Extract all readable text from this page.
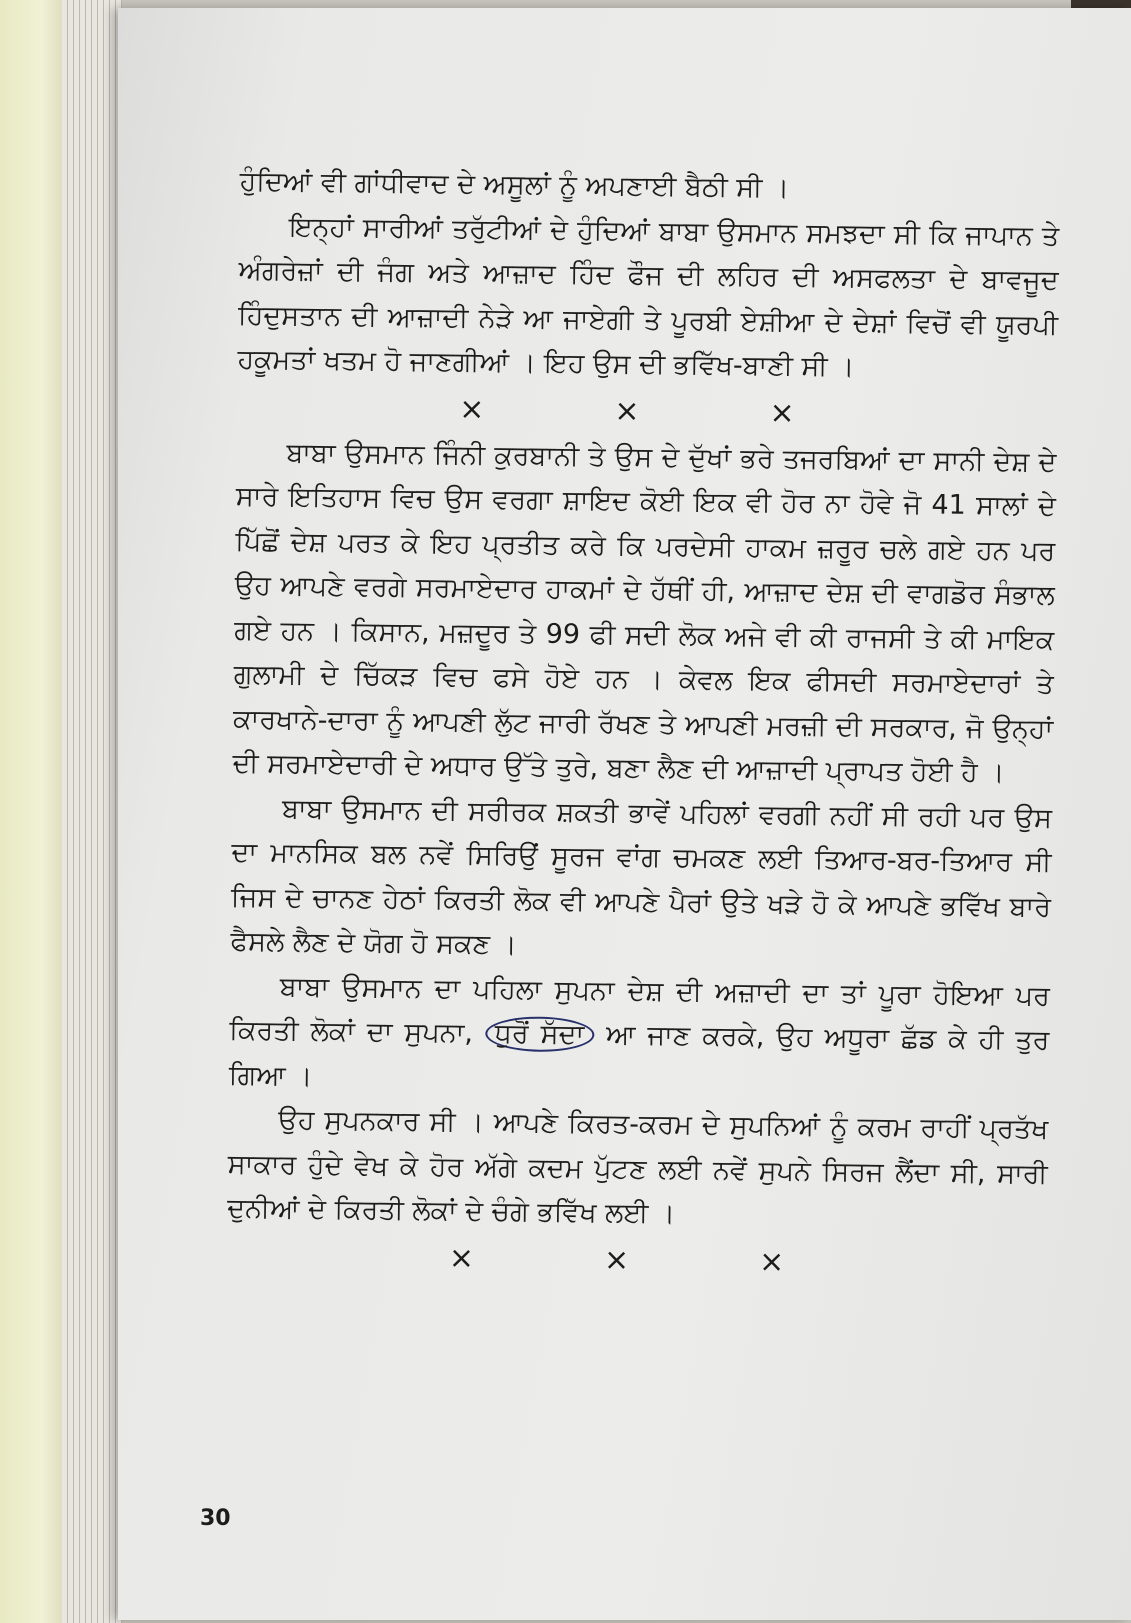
ਹੁੰਦਿਆਂ ਵੀ ਗਾਂਧੀਵਾਦ ਦੇ ਅਸੂਲਾਂ ਨੂੰ ਅਪਣਾਈ ਬੈਠੀ ਸੀ ।

ਇਨ੍ਹਾਂ ਸਾਰੀਆਂ ਤਰੁੱਟੀਆਂ ਦੇ ਹੁੰਦਿਆਂ ਬਾਬਾ ਉਸਮਾਨ ਸਮਝਦਾ ਸੀ ਕਿ ਜਾਪਾਨ ਤੇ ਅੰਗਰੇਜ਼ਾਂ ਦੀ ਜੰਗ ਅਤੇ ਆਜ਼ਾਦ ਹਿੰਦ ਫੌਜ ਦੀ ਲਹਿਰ ਦੀ ਅਸਫਲਤਾ ਦੇ ਬਾਵਜੂਦ ਹਿੰਦੁਸਤਾਨ ਦੀ ਆਜ਼ਾਦੀ ਨੇੜੇ ਆ ਜਾਏਗੀ ਤੇ ਪੂਰਬੀ ਏਸ਼ੀਆ ਦੇ ਦੇਸ਼ਾਂ ਵਿਚੋਂ ਵੀ ਯੂਰਪੀ ਹਕੂਮਤਾਂ ਖਤਮ ਹੋ ਜਾਣਗੀਆਂ । ਇਹ ਉਸ ਦੀ ਭਵਿੱਖ-ਬਾਣੀ ਸੀ ।

×	×	×

ਬਾਬਾ ਉਸਮਾਨ ਜਿੰਨੀ ਕੁਰਬਾਨੀ ਤੇ ਉਸ ਦੇ ਦੁੱਖਾਂ ਭਰੇ ਤਜਰਬਿਆਂ ਦਾ ਸਾਨੀ ਦੇਸ਼ ਦੇ ਸਾਰੇ ਇਤਿਹਾਸ ਵਿਚ ਉਸ ਵਰਗਾ ਸ਼ਾਇਦ ਕੋਈ ਇਕ ਵੀ ਹੋਰ ਨਾ ਹੋਵੇ ਜੋ 41 ਸਾਲਾਂ ਦੇ ਪਿੱਛੋਂ ਦੇਸ਼ ਪਰਤ ਕੇ ਇਹ ਪ੍ਰਤੀਤ ਕਰੇ ਕਿ ਪਰਦੇਸੀ ਹਾਕਮ ਜ਼ਰੂਰ ਚਲੇ ਗਏ ਹਨ ਪਰ ਉਹ ਆਪਣੇ ਵਰਗੇ ਸਰਮਾਏਦਾਰ ਹਾਕਮਾਂ ਦੇ ਹੱਥੀਂ ਹੀ, ਆਜ਼ਾਦ ਦੇਸ਼ ਦੀ ਵਾਗਡੋਰ ਸੰਭਾਲ ਗਏ ਹਨ । ਕਿਸਾਨ, ਮਜ਼ਦੂਰ ਤੇ 99 ਫੀ ਸਦੀ ਲੋਕ ਅਜੇ ਵੀ ਕੀ ਰਾਜਸੀ ਤੇ ਕੀ ਮਾਇਕ ਗੁਲਾਮੀ ਦੇ ਚਿੱਕੜ ਵਿਚ ਫਸੇ ਹੋਏ ਹਨ । ਕੇਵਲ ਇਕ ਫੀਸਦੀ ਸਰਮਾਏਦਾਰਾਂ ਤੇ ਕਾਰਖਾਨੇ-ਦਾਰਾ ਨੂੰ ਆਪਣੀ ਲੁੱਟ ਜਾਰੀ ਰੱਖਣ ਤੇ ਆਪਣੀ ਮਰਜ਼ੀ ਦੀ ਸਰਕਾਰ, ਜੋ ਉਨ੍ਹਾਂ ਦੀ ਸਰਮਾਏਦਾਰੀ ਦੇ ਅਧਾਰ ਉੱਤੇ ਤੁਰੇ, ਬਣਾ ਲੈਣ ਦੀ ਆਜ਼ਾਦੀ ਪ੍ਰਾਪਤ ਹੋਈ ਹੈ ।

ਬਾਬਾ ਉਸਮਾਨ ਦੀ ਸਰੀਰਕ ਸ਼ਕਤੀ ਭਾਵੇਂ ਪਹਿਲਾਂ ਵਰਗੀ ਨਹੀਂ ਸੀ ਰਹੀ ਪਰ ਉਸ ਦਾ ਮਾਨਸਿਕ ਬਲ ਨਵੇਂ ਸਿਰਿਉਂ ਸੂਰਜ ਵਾਂਗ ਚਮਕਣ ਲਈ ਤਿਆਰ-ਬਰ-ਤਿਆਰ ਸੀ ਜਿਸ ਦੇ ਚਾਨਣ ਹੇਠਾਂ ਕਿਰਤੀ ਲੋਕ ਵੀ ਆਪਣੇ ਪੈਰਾਂ ਉਤੇ ਖੜੇ ਹੋ ਕੇ ਆਪਣੇ ਭਵਿੱਖ ਬਾਰੇ ਫੈਸਲੇ ਲੈਣ ਦੇ ਯੋਗ ਹੋ ਸਕਣ ।

ਬਾਬਾ ਉਸਮਾਨ ਦਾ ਪਹਿਲਾ ਸੁਪਨਾ ਦੇਸ਼ ਦੀ ਅਜ਼ਾਦੀ ਦਾ ਤਾਂ ਪੂਰਾ ਹੋਇਆ ਪਰ ਕਿਰਤੀ ਲੋਕਾਂ ਦਾ ਸੁਪਨਾ, ਧੁਰੋਂ ਸੱਦਾ ਆ ਜਾਣ ਕਰਕੇ, ਉਹ ਅਧੂਰਾ ਛੱਡ ਕੇ ਹੀ ਤੁਰ ਗਿਆ ।

ਉਹ ਸੁਪਨਕਾਰ ਸੀ । ਆਪਣੇ ਕਿਰਤ-ਕਰਮ ਦੇ ਸੁਪਨਿਆਂ ਨੂੰ ਕਰਮ ਰਾਹੀਂ ਪ੍ਰਤੱਖ ਸਾਕਾਰ ਹੁੰਦੇ ਵੇਖ ਕੇ ਹੋਰ ਅੱਗੇ ਕਦਮ ਪੁੱਟਣ ਲਈ ਨਵੇਂ ਸੁਪਨੇ ਸਿਰਜ ਲੈਂਦਾ ਸੀ, ਸਾਰੀ ਦੁਨੀਆਂ ਦੇ ਕਿਰਤੀ ਲੋਕਾਂ ਦੇ ਚੰਗੇ ਭਵਿੱਖ ਲਈ ।

×	×	×
30
